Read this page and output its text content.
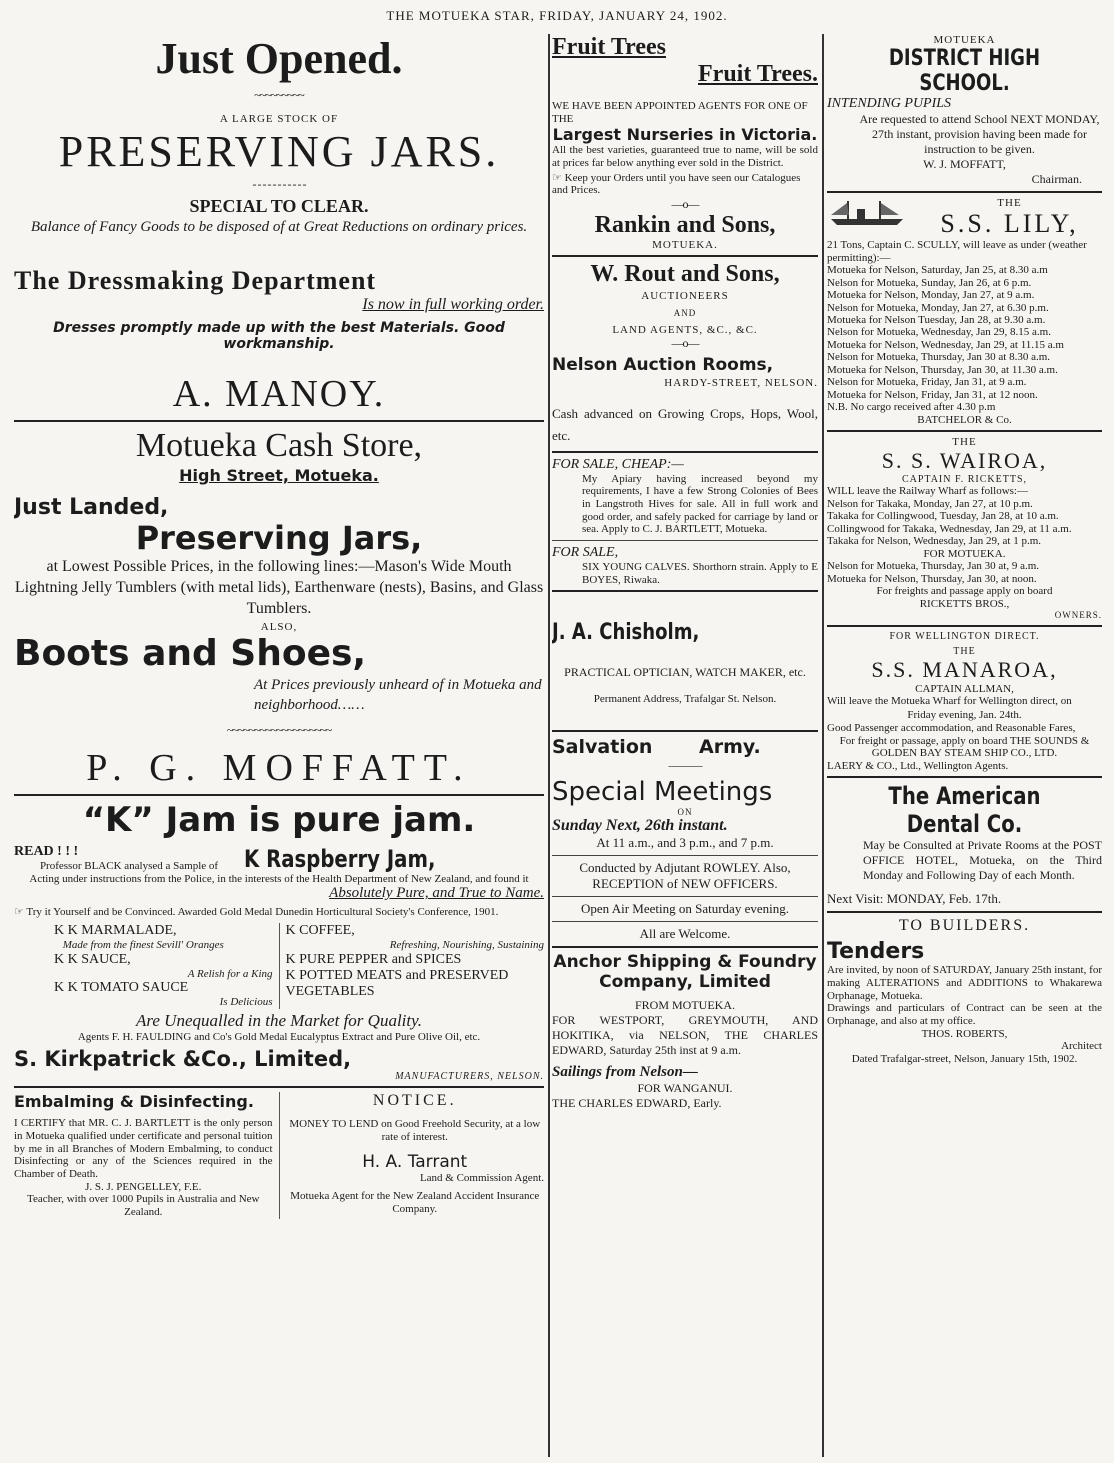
THE MOTUEKA STAR, FRIDAY, JANUARY 24, 1902.
Just Opened.
~~~~~~~~~
A LARGE STOCK OF
PRESERVING JARS.
- - - - - - - - - - -
SPECIAL TO CLEAR.
Balance of Fancy Goods to be disposed of at Great Reductions on ordinary prices.
The Dressmaking Department
Is now in full working order.
Dresses promptly made up with the best Materials. Good workmanship.
A. MANOY.
Motueka Cash Store,
High Street, Motueka.
Just Landed,
Preserving Jars,
at Lowest Possible Prices, in the following lines:—Mason's Wide Mouth Lightning Jelly Tumblers (with metal lids), Earthenware (nests), Basins, and Glass Tumblers.
ALSO,
Boots and Shoes,
At Prices previously unheard of in Motueka and neighborhood……
~~~~~~~~~~~~~~~~~~~
P. G. MOFFATT.
“K” Jam is pure jam.
READ ! ! !
Professor BLACK analysed a Sample of	K Raspberry Jam,
Acting under instructions from the Police, in the interests of the Health Department of New Zealand, and found it
Absolutely Pure, and True to Name.
☞ Try it Yourself and be Convinced. Awarded Gold Medal Dunedin Horticultural Society's Conference, 1901.
K K MARMALADE,
Made from the finest Sevill' Oranges
K K SAUCE,
A Relish for a King
K K TOMATO SAUCE
Is Delicious
K COFFEE,
Refreshing, Nourishing, Sustaining
K PURE PEPPER and SPICES
K POTTED MEATS and PRESERVED VEGETABLES
Are Unequalled in the Market for Quality.
Agents F. H. FAULDING and Co's Gold Medal Eucalyptus Extract and Pure Olive Oil, etc.
S. Kirkpatrick &Co., Limited,
MANUFACTURERS, NELSON.
Embalming & Disinfecting.
I CERTIFY that MR. C. J. BARTLETT is the only person in Motueka qualified under certificate and personal tuition by me in all Branches of Modern Embalming, to conduct Disinfecting or any of the Sciences required in the Chamber of Death.
J. S. J. PENGELLEY, F.E.
Teacher, with over 1000 Pupils in Australia and New Zealand.
NOTICE.
MONEY TO LEND on Good Freehold Security, at a low rate of interest.
H. A. Tarrant
Land & Commission Agent.
Motueka Agent for the New Zealand Accident Insurance Company.
Fruit Trees
Fruit Trees.
WE HAVE BEEN APPOINTED AGENTS FOR ONE OF THE
Largest Nurseries in Victoria.
All the best varieties, guaranteed true to name, will be sold at prices far below anything ever sold in the District.
☞ Keep your Orders until you have seen our Catalogues and Prices.
—o—
Rankin and Sons,
MOTUEKA.
W. Rout and Sons,
AUCTIONEERS
AND
LAND AGENTS, &C., &C.
—o—
Nelson Auction Rooms,
HARDY-STREET, NELSON.
Cash advanced on Growing Crops, Hops, Wool, etc.
FOR SALE, CHEAP:—
My Apiary having increased beyond my requirements, I have a few Strong Colonies of Bees in Langstroth Hives for sale. All in full work and good order, and safely packed for carriage by land or sea. Apply to C. J. BARTLETT, Motueka.
FOR SALE,
SIX YOUNG CALVES. Shorthorn strain. Apply to E BOYES, Riwaka.
J. A. Chisholm,
PRACTICAL OPTICIAN, WATCH MAKER, etc.
Permanent Address, Trafalgar St. Nelson.
Salvation Army.
———
Special Meetings
ON
Sunday Next, 26th instant.
At 11 a.m., and 3 p.m., and 7 p.m.
Conducted by Adjutant ROWLEY. Also, RECEPTION of NEW OFFICERS.
Open Air Meeting on Saturday evening.
All are Welcome.
Anchor Shipping & Foundry Company, Limited
FROM MOTUEKA.
FOR WESTPORT, GREYMOUTH, AND HOKITIKA, via NELSON, THE CHARLES EDWARD, Saturday 25th inst at 9 a.m.
Sailings from Nelson—
FOR WANGANUI.
THE CHARLES EDWARD, Early.
MOTUEKA
DISTRICT HIGH SCHOOL.
INTENDING PUPILS
Are requested to attend School NEXT MONDAY, 27th instant, provision having been made for instruction to be given.
W. J. MOFFATT,
Chairman.
THE
S.S. LILY,
21 Tons, Captain C. SCULLY, will leave as under (weather permitting):—
Motueka for Nelson, Saturday, Jan 25, at 8.30 a.m
Nelson for Motueka, Sunday, Jan 26, at 6 p.m.
Motueka for Nelson, Monday, Jan 27, at 9 a.m.
Nelson for Motueka, Monday, Jan 27, at 6.30 p.m.
Motueka for Nelson Tuesday, Jan 28, at 9.30 a.m.
Nelson for Motueka, Wednesday, Jan 29, 8.15 a.m.
Motueka for Nelson, Wednesday, Jan 29, at 11.15 a.m
Nelson for Motueka, Thursday, Jan 30 at 8.30 a.m.
Motueka for Nelson, Thursday, Jan 30, at 11.30 a.m.
Nelson for Motueka, Friday, Jan 31, at 9 a.m.
Motueka for Nelson, Friday, Jan 31, at 12 noon.
N.B. No cargo received after 4.30 p.m
BATCHELOR & Co.
THE
S. S. WAIROA,
CAPTAIN F. RICKETTS,
WILL leave the Railway Wharf as follows:—
Nelson for Takaka, Monday, Jan 27, at 10 p.m.
Takaka for Collingwood, Tuesday, Jan 28, at 10 a.m.
Collingwood for Takaka, Wednesday, Jan 29, at 11 a.m.
Takaka for Nelson, Wednesday, Jan 29, at 1 p.m.
FOR MOTUEKA.
Nelson for Motueka, Thursday, Jan 30 at, 9 a.m.
Motueka for Nelson, Thursday, Jan 30, at noon.
For freights and passage apply on board
RICKETTS BROS.,
OWNERS.
FOR WELLINGTON DIRECT.
THE
S.S. MANAROA,
CAPTAIN ALLMAN,
Will leave the Motueka Wharf for Wellington direct, on
Friday evening, Jan. 24th.
Good Passenger accommodation, and Reasonable Fares,
For freight or passage, apply on board THE SOUNDS & GOLDEN BAY STEAM SHIP CO., LTD.
LAERY & CO., Ltd., Wellington Agents.
The American Dental Co.
May be Consulted at Private Rooms at the POST OFFICE HOTEL, Motueka, on the Third Monday and Following Day of each Month.
Next Visit: MONDAY, Feb. 17th.
TO BUILDERS.
Tenders
Are invited, by noon of SATURDAY, January 25th instant, for making ALTERATIONS and ADDITIONS to Whakarewa Orphanage, Motueka.
Drawings and particulars of Contract can be seen at the Orphanage, and also at my office.
THOS. ROBERTS,
Architect
Dated Trafalgar-street, Nelson, January 15th, 1902.
